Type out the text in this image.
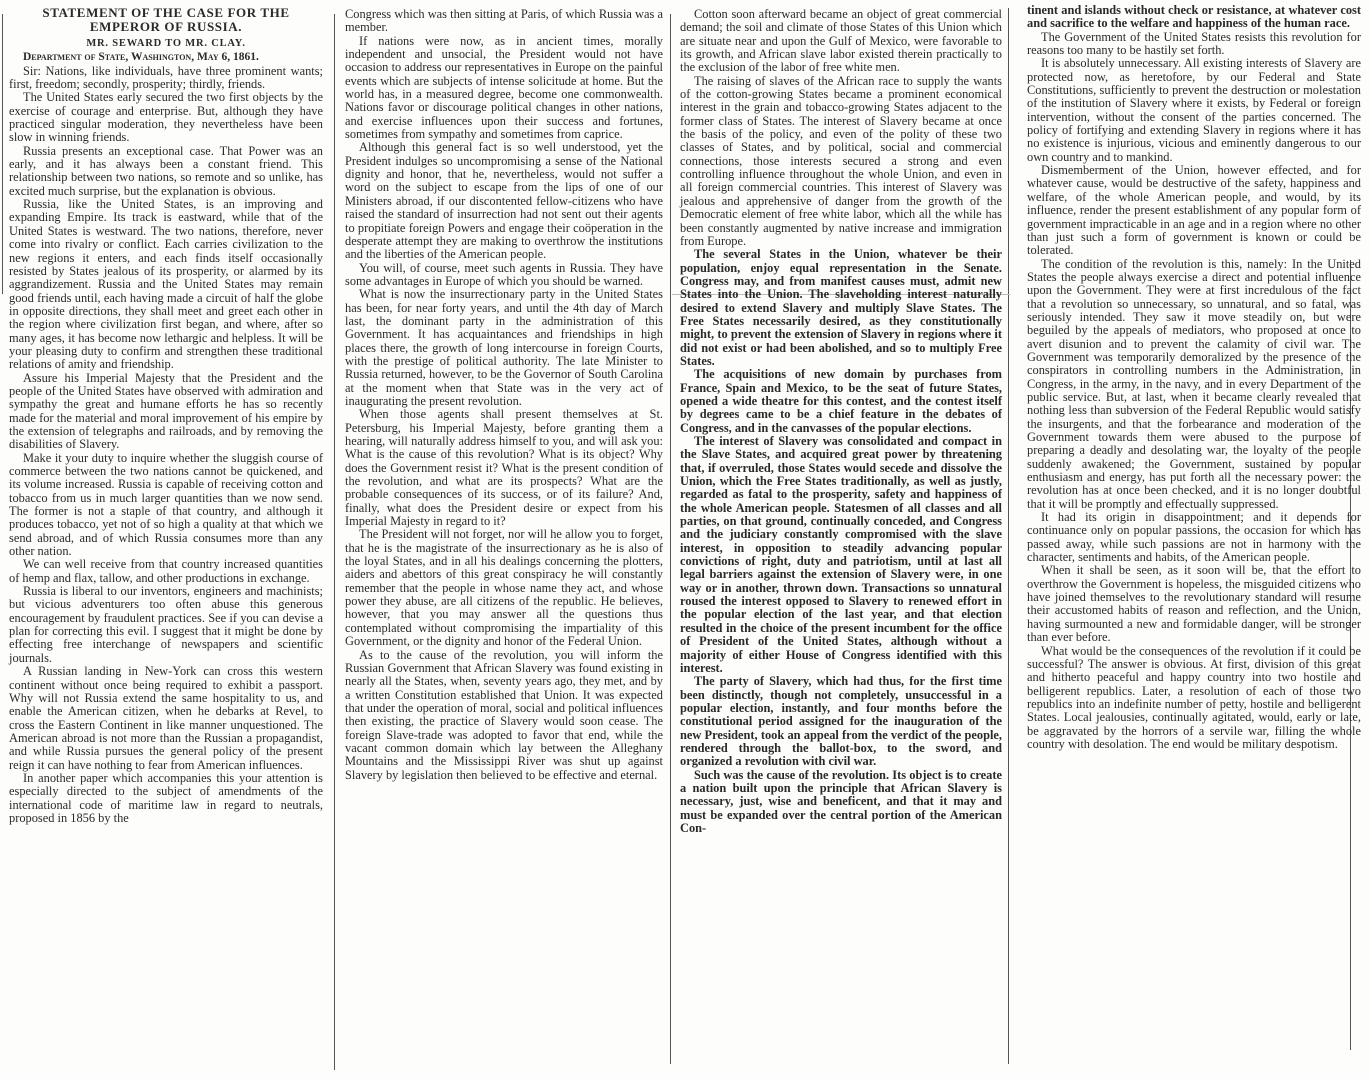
STATEMENT OF THE CASE FOR THE EMPEROR OF RUSSIA.
MR. SEWARD TO MR. CLAY.

Department of State, Washington, May 6, 1861.

Sir: Nations, like individuals, have three prominent wants; first, freedom; secondly, prosperity; thirdly, friends.

The United States early secured the two first objects by the exercise of courage and enterprise. But, although they have practiced singular moderation, they nevertheless have been slow in winning friends.

Russia presents an exceptional case. That Power was an early, and it has always been a constant friend. This relationship between two nations, so remote and so unlike, has excited much surprise, but the explanation is obvious.

Russia, like the United States, is an improving and expanding Empire. Its track is eastward, while that of the United States is westward. The two nations, therefore, never come into rivalry or conflict. Each carries civilization to the new regions it enters, and each finds itself occasionally resisted by States jealous of its prosperity, or alarmed by its aggrandizement. Russia and the United States may remain good friends until, each having made a circuit of half the globe in opposite directions, they shall meet and greet each other in the region where civilization first began, and where, after so many ages, it has become now lethargic and helpless. It will be your pleasing duty to confirm and strengthen these traditional relations of amity and friendship.

Assure his Imperial Majesty that the President and the people of the United States have observed with admiration and sympathy the great and humane efforts he has so recently made for the material and moral improvement of his empire by the extension of telegraphs and railroads, and by removing the disabilities of Slavery.

Make it your duty to inquire whether the sluggish course of commerce between the two nations cannot be quickened, and its volume increased. Russia is capable of receiving cotton and tobacco from us in much larger quantities than we now send. The former is not a staple of that country, and although it produces tobacco, yet not of so high a quality at that which we send abroad, and of which Russia consumes more than any other nation.

We can well receive from that country increased quantities of hemp and flax, tallow, and other productions in exchange.

Russia is liberal to our inventors, engineers and machinists; but vicious adventurers too often abuse this generous encouragement by fraudulent practices. See if you can devise a plan for correcting this evil. I suggest that it might be done by effecting free interchange of newspapers and scientific journals.

A Russian landing in New-York can cross this western continent without once being required to exhibit a passport. Why will not Russia extend the same hospitality to us, and enable the American citizen, when he debarks at Revel, to cross the Eastern Continent in like manner unquestioned. The American abroad is not more than the Russian a propagandist, and while Russia pursues the general policy of the present reign it can have nothing to fear from American influences.

In another paper which accompanies this your attention is especially directed to the subject of amendments of the international code of maritime law in regard to neutrals, proposed in 1856 by the

Congress which was then sitting at Paris, of which Russia was a member.

If nations were now, as in ancient times, morally independent and unsocial, the President would not have occasion to address our representatives in Europe on the painful events which are subjects of intense solicitude at home. But the world has, in a measured degree, become one commonwealth. Nations favor or discourage political changes in other nations, and exercise influences upon their success and fortunes, sometimes from sympathy and sometimes from caprice.

Although this general fact is so well understood, yet the President indulges so uncompromising a sense of the National dignity and honor, that he, nevertheless, would not suffer a word on the subject to escape from the lips of one of our Ministers abroad, if our discontented fellow-citizens who have raised the standard of insurrection had not sent out their agents to propitiate foreign Powers and engage their coöperation in the desperate attempt they are making to overthrow the institutions and the liberties of the American people.

You will, of course, meet such agents in Russia. They have some advantages in Europe of which you should be warned.

What is now the insurrectionary party in the United States has been, for near forty years, and until the 4th day of March last, the dominant party in the administration of this Government. It has acquaintances and friendships in high places there, the growth of long intercourse in foreign Courts, with the prestige of political authority. The late Minister to Russia returned, however, to be the Governor of South Carolina at the moment when that State was in the very act of inaugurating the present revolution.

When those agents shall present themselves at St. Petersburg, his Imperial Majesty, before granting them a hearing, will naturally address himself to you, and will ask you: What is the cause of this revolution? What is its object? Why does the Government resist it? What is the present condition of the revolution, and what are its prospects? What are the probable consequences of its success, or of its failure? And, finally, what does the President desire or expect from his Imperial Majesty in regard to it?

The President will not forget, nor will he allow you to forget, that he is the magistrate of the insurrectionary as he is also of the loyal States, and in all his dealings concerning the plotters, aiders and abettors of this great conspiracy he will constantly remember that the people in whose name they act, and whose power they abuse, are all citizens of the republic. He believes, however, that you may answer all the questions thus contemplated without compromising the impartiality of this Government, or the dignity and honor of the Federal Union.

As to the cause of the revolution, you will inform the Russian Government that African Slavery was found existing in nearly all the States, when, seventy years ago, they met, and by a written Constitution established that Union. It was expected that under the operation of moral, social and political influences then existing, the practice of Slavery would soon cease. The foreign Slave-trade was adopted to favor that end, while the vacant common domain which lay between the Alleghany Mountains and the Mississippi River was shut up against Slavery by legislation then believed to be effective and eternal.

Cotton soon afterward became an object of great commercial demand; the soil and climate of those States of this Union which are situate near and upon the Gulf of Mexico, were favorable to its growth, and African slave labor existed therein practically to the exclusion of the labor of free white men.

The raising of slaves of the African race to supply the wants of the cotton-growing States became a prominent economical interest in the grain and tobacco-growing States adjacent to the former class of States. The interest of Slavery became at once the basis of the policy, and even of the polity of these two classes of States, and by political, social and commercial connections, those interests secured a strong and even controlling influence throughout the whole Union, and even in all foreign commercial countries. This interest of Slavery was jealous and apprehensive of danger from the growth of the Democratic element of free white labor, which all the while has been constantly augmented by native increase and immigration from Europe.

The several States in the Union, whatever be their population, enjoy equal representation in the Senate. Congress may, and from manifest causes must, admit new States into the Union. The slaveholding interest naturally desired to extend Slavery and multiply Slave States. The Free States necessarily desired, as they constitutionally might, to prevent the extension of Slavery in regions where it did not exist or had been abolished, and so to multiply Free States.

The acquisitions of new domain by purchases from France, Spain and Mexico, to be the seat of future States, opened a wide theatre for this contest, and the contest itself by degrees came to be a chief feature in the debates of Congress, and in the canvasses of the popular elections.

The interest of Slavery was consolidated and compact in the Slave States, and acquired great power by threatening that, if overruled, those States would secede and dissolve the Union, which the Free States traditionally, as well as justly, regarded as fatal to the prosperity, safety and happiness of the whole American people. Statesmen of all classes and all parties, on that ground, continually conceded, and Congress and the judiciary constantly compromised with the slave interest, in opposition to steadily advancing popular convictions of right, duty and patriotism, until at last all legal barriers against the extension of Slavery were, in one way or in another, thrown down. Transactions so unnatural roused the interest opposed to Slavery to renewed effort in the popular election of the last year, and that election resulted in the choice of the present incumbent for the office of President of the United States, although without a majority of either House of Congress identified with this interest.

The party of Slavery, which had thus, for the first time been distinctly, though not completely, unsuccessful in a popular election, instantly, and four months before the constitutional period assigned for the inauguration of the new President, took an appeal from the verdict of the people, rendered through the ballot-box, to the sword, and organized a revolution with civil war.

Such was the cause of the revolution. Its object is to create a nation built upon the principle that African Slavery is necessary, just, wise and beneficent, and that it may and must be expanded over the central portion of the American Con-

tinent and islands without check or resistance, at whatever cost and sacrifice to the welfare and happiness of the human race.

The Government of the United States resists this revolution for reasons too many to be hastily set forth.

It is absolutely unnecessary. All existing interests of Slavery are protected now, as heretofore, by our Federal and State Constitutions, sufficiently to prevent the destruction or molestation of the institution of Slavery where it exists, by Federal or foreign intervention, without the consent of the parties concerned. The policy of fortifying and extending Slavery in regions where it has no existence is injurious, vicious and eminently dangerous to our own country and to mankind.

Dismemberment of the Union, however effected, and for whatever cause, would be destructive of the safety, happiness and welfare, of the whole American people, and would, by its influence, render the present establishment of any popular form of government impracticable in an age and in a region where no other than just such a form of government is known or could be tolerated.

The condition of the revolution is this, namely: In the United States the people always exercise a direct and potential influence upon the Government. They were at first incredulous of the fact that a revolution so unnecessary, so unnatural, and so fatal, was seriously intended. They saw it move steadily on, but were beguiled by the appeals of mediators, who proposed at once to avert disunion and to prevent the calamity of civil war. The Government was temporarily demoralized by the presence of the conspirators in controlling numbers in the Administration, in Congress, in the army, in the navy, and in every Department of the public service. But, at last, when it became clearly revealed that nothing less than subversion of the Federal Republic would satisfy the insurgents, and that the forbearance and moderation of the Government towards them were abused to the purpose of preparing a deadly and desolating war, the loyalty of the people suddenly awakened; the Government, sustained by popular enthusiasm and energy, has put forth all the necessary power: the revolution has at once been checked, and it is no longer doubtful that it will be promptly and effectually suppressed.

It had its origin in disappointment; and it depends for continuance only on popular passions, the occasion for which has passed away, while such passions are not in harmony with the character, sentiments and habits, of the American people.

When it shall be seen, as it soon will be, that the effort to overthrow the Government is hopeless, the misguided citizens who have joined themselves to the revolutionary standard will resume their accustomed habits of reason and reflection, and the Union, having surmounted a new and formidable danger, will be stronger than ever before.

What would be the consequences of the revolution if it could be successful? The answer is obvious. At first, division of this great and hitherto peaceful and happy country into two hostile and belligerent republics. Later, a resolution of each of those two republics into an indefinite number of petty, hostile and belligerent States. Local jealousies, continually agitated, would, early or late, be aggravated by the horrors of a servile war, filling the whole country with desolation. The end would be military despotism.
